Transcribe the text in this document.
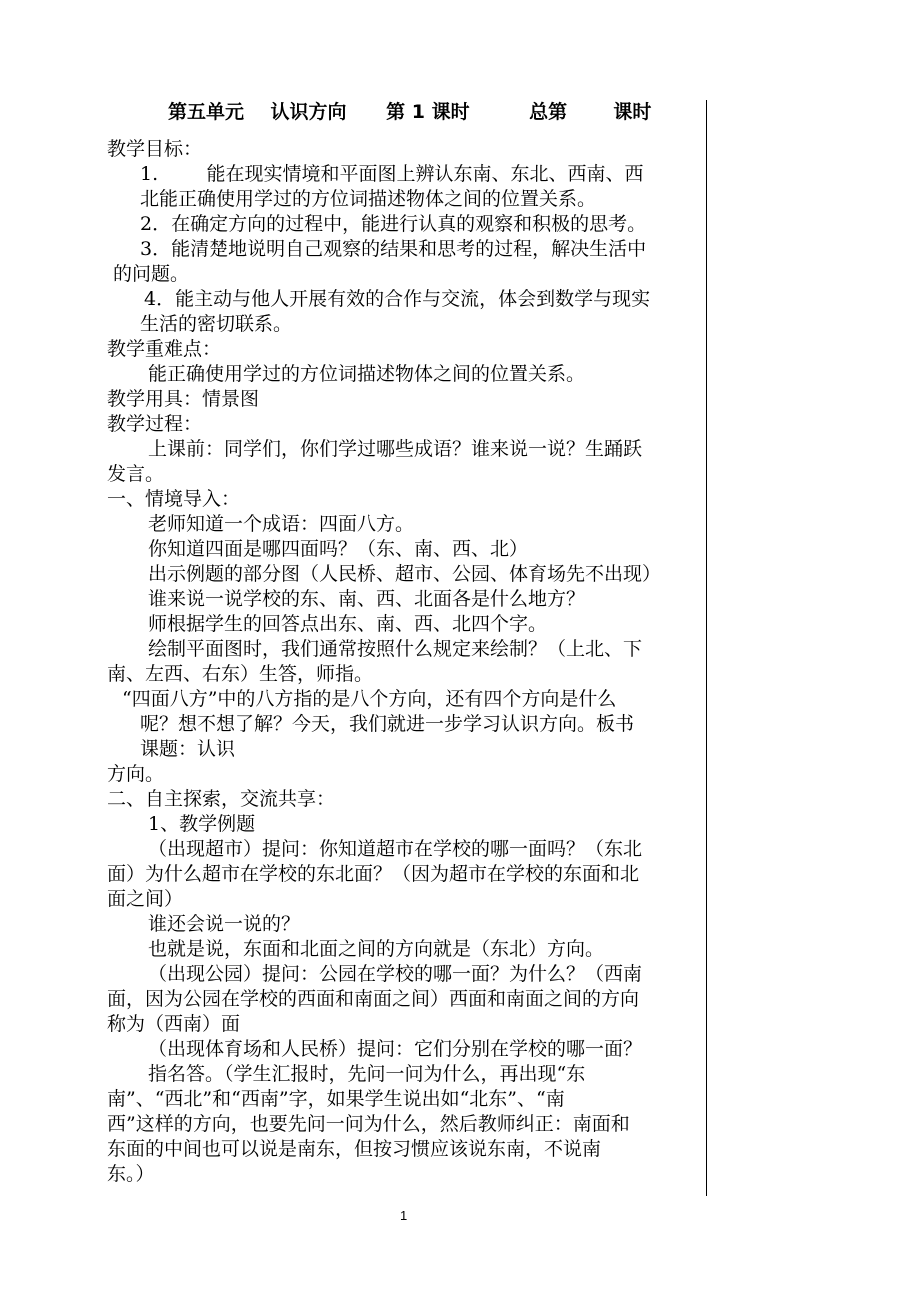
第五单元    认识方向      第 1 课时         总第       课时
教学目标：
1.        能在现实情境和平面图上辨认东南、东北、西南、西
北能正确使用学过的方位词描述物体之间的位置关系。
2．在确定方向的过程中，能进行认真的观察和积极的思考。
3．能清楚地说明自己观察的结果和思考的过程，解决生活中
的问题。
4．能主动与他人开展有效的合作与交流，体会到数学与现实
生活的密切联系。
教学重难点：
能正确使用学过的方位词描述物体之间的位置关系。
教学用具：情景图
教学过程：
上课前：同学们，你们学过哪些成语？谁来说一说？生踊跃
发言。
一、情境导入：
老师知道一个成语：四面八方。
你知道四面是哪四面吗？（东、南、西、北）
出示例题的部分图（人民桥、超市、公园、体育场先不出现）
谁来说一说学校的东、南、西、北面各是什么地方？
师根据学生的回答点出东、南、西、北四个字。
绘制平面图时，我们通常按照什么规定来绘制？（上北、下
南、左西、右东）生答，师指。
“四面八方”中的八方指的是八个方向，还有四个方向是什么
呢？想不想了解？今天，我们就进一步学习认识方向。板书
课题：认识
方向。
二、自主探索，交流共享：
1、教学例题
（出现超市）提问：你知道超市在学校的哪一面吗？（东北
面）为什么超市在学校的东北面？（因为超市在学校的东面和北
面之间）
谁还会说一说的？
也就是说，东面和北面之间的方向就是（东北）方向。
（出现公园）提问：公园在学校的哪一面？为什么？（西南
面，因为公园在学校的西面和南面之间）西面和南面之间的方向
称为（西南）面
（出现体育场和人民桥）提问：它们分别在学校的哪一面？
指名答。（学生汇报时，先问一问为什么，再出现“东
南”、“西北”和“西南”字，如果学生说出如“北东”、“南
西”这样的方向，也要先问一问为什么，然后教师纠正：南面和
东面的中间也可以说是南东，但按习惯应该说东南，不说南
东。）
1
